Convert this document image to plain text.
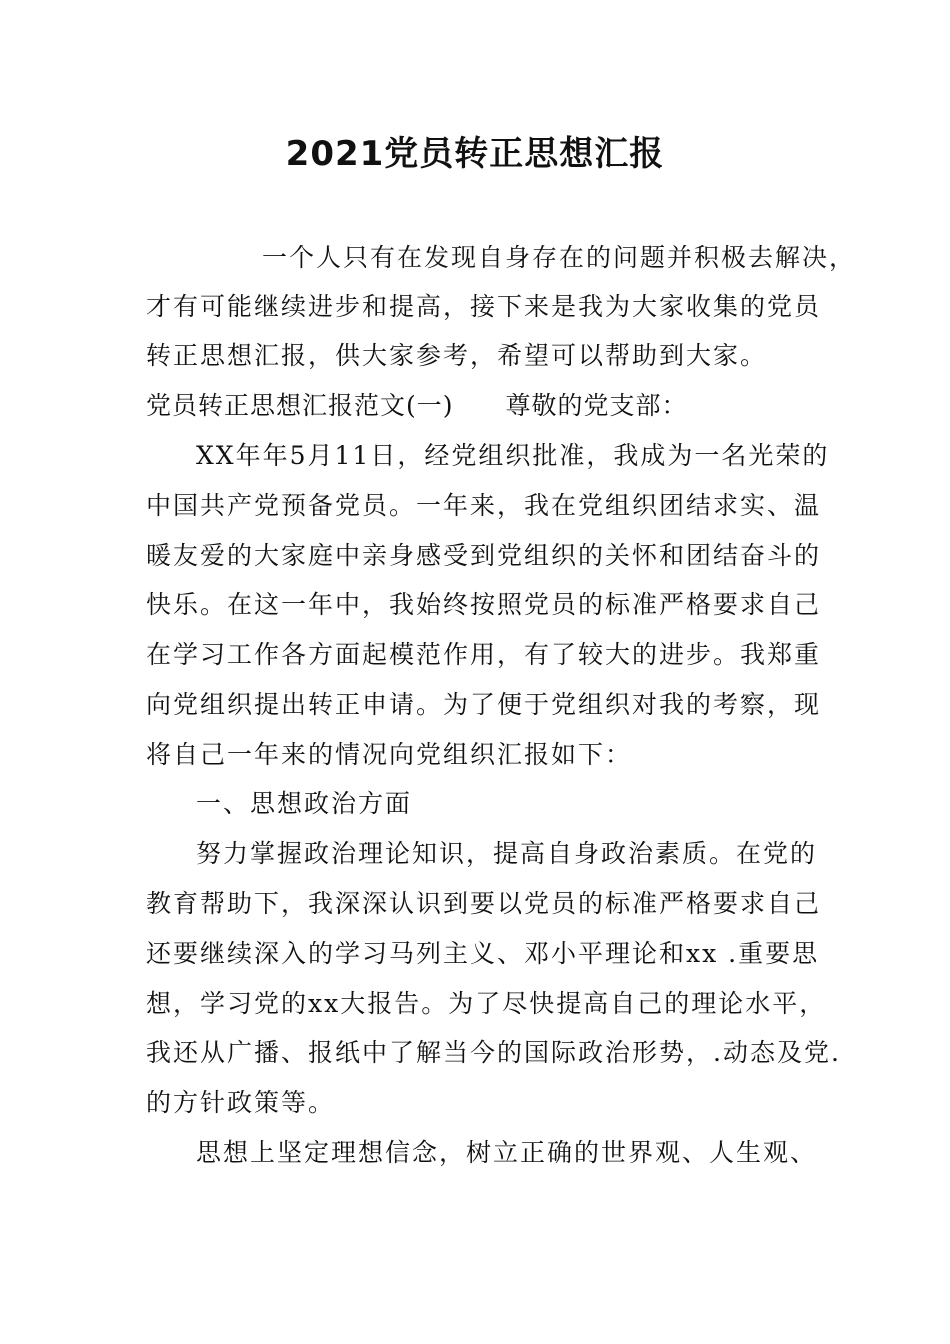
2021党员转正思想汇报
一个人只有在发现自身存在的问题并积极去解决，
才有可能继续进步和提高，接下来是我为大家收集的党员
转正思想汇报，供大家参考，希望可以帮助到大家。
党员转正思想汇报范文(一)　　尊敬的党支部：
XX年年5月11日，经党组织批准，我成为一名光荣的
中国共产党预备党员。一年来，我在党组织团结求实、温
暖友爱的大家庭中亲身感受到党组织的关怀和团结奋斗的
快乐。在这一年中，我始终按照党员的标准严格要求自己
在学习工作各方面起模范作用，有了较大的进步。我郑重
向党组织提出转正申请。为了便于党组织对我的考察，现
将自己一年来的情况向党组织汇报如下：
一、思想政治方面
努力掌握政治理论知识，提高自身政治素质。在党的
教育帮助下，我深深认识到要以党员的标准严格要求自己
还要继续深入的学习马列主义、邓小平理论和xx .重要思
想，学习党的xx大报告。为了尽快提高自己的理论水平，
我还从广播、报纸中了解当今的国际政治形势，.动态及党.
的方针政策等。
思想上坚定理想信念，树立正确的世界观、人生观、
